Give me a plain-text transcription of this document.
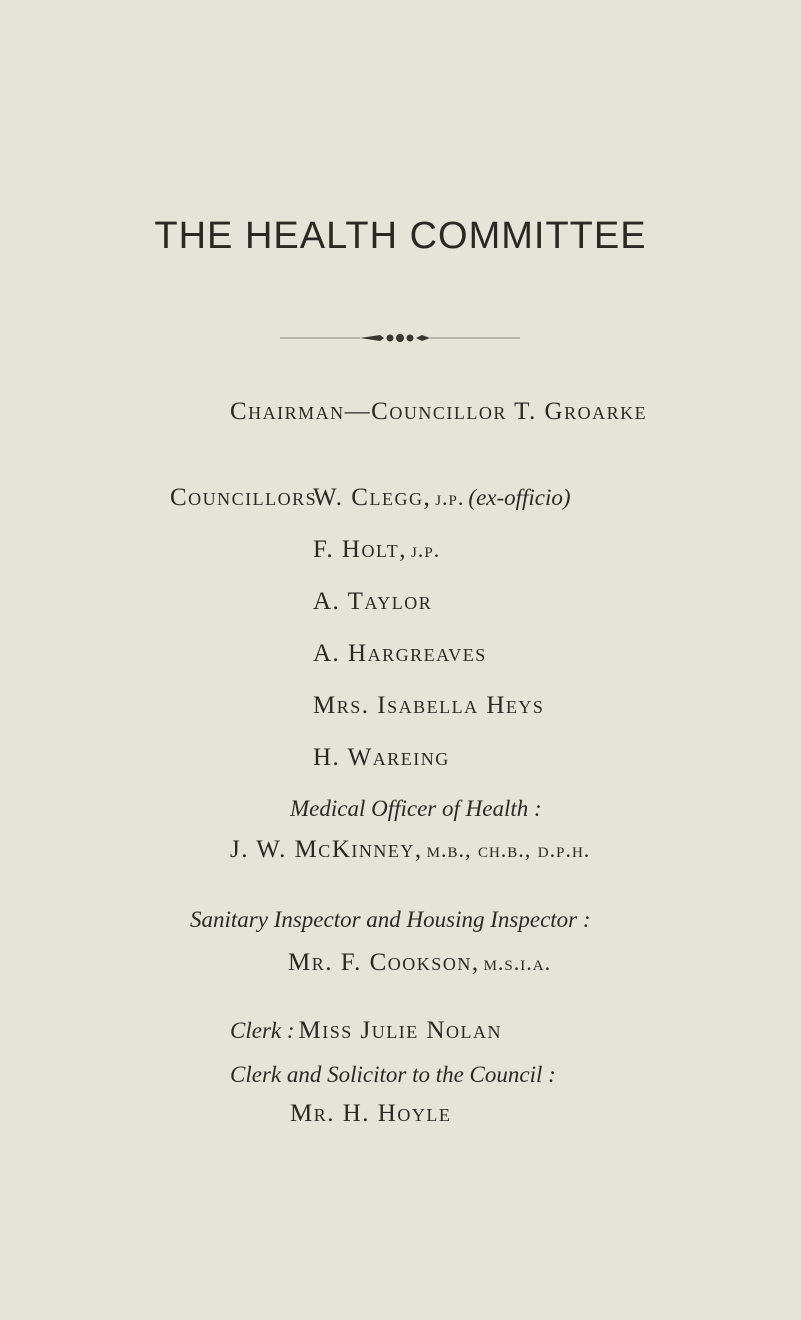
THE HEALTH COMMITTEE
Chairman—Councillor T. Groarke
Councillors
W. Clegg, j.p. (ex-officio)
F. Holt, j.p.
A. Taylor
A. Hargreaves
Mrs. Isabella Heys
H. Wareing
Medical Officer of Health :
J. W. McKinney, m.b., ch.b., d.p.h.
Sanitary Inspector and Housing Inspector :
Mr. F. Cookson, m.s.i.a.
Clerk : Miss Julie Nolan
Clerk and Solicitor to the Council :
Mr. H. Hoyle
